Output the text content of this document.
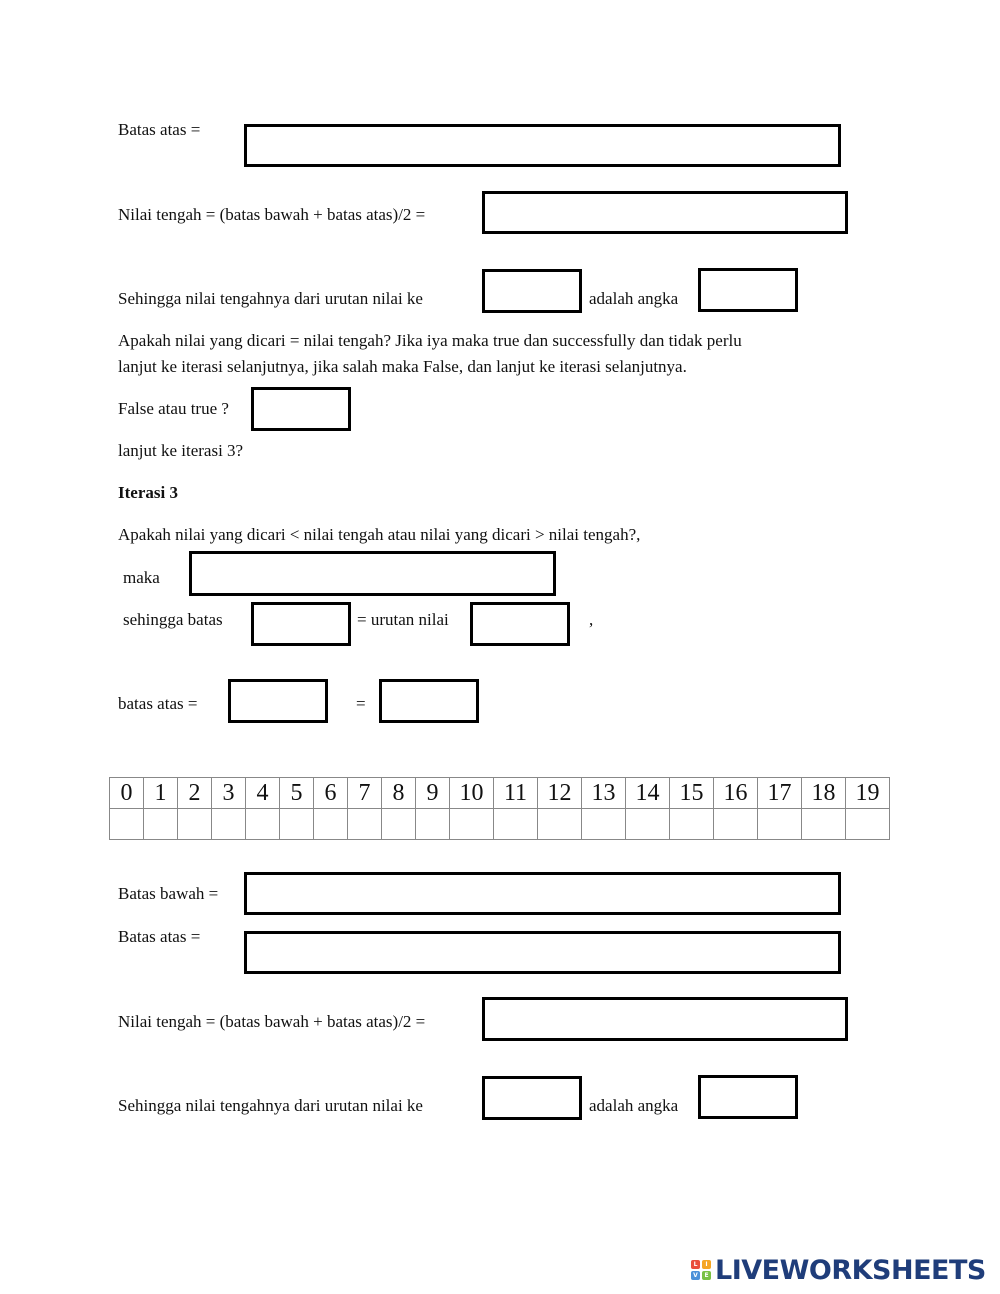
Batas atas =
Nilai tengah = (batas bawah + batas atas)/2 =
Sehingga nilai tengahnya dari urutan nilai ke	adalah angka
Apakah nilai yang dicari = nilai tengah? Jika iya maka true dan successfully dan tidak perlu
lanjut ke iterasi selanjutnya, jika salah maka False, dan lanjut ke iterasi selanjutnya.
False atau true ?
lanjut ke iterasi 3?
Iterasi 3
Apakah nilai yang dicari < nilai tengah atau nilai yang dicari > nilai tengah?,
maka
sehingga batas	= urutan nilai	,
batas atas =	=
0	1	2	3	4	5	6	7	8	9	10	11	12	13	14	15	16	17	18	19

Batas bawah =
Batas atas =
Nilai tengah = (batas bawah + batas atas)/2 =
Sehingga nilai tengahnya dari urutan nilai ke	adalah angka
L	I
V	E LIVEWORKSHEETS
